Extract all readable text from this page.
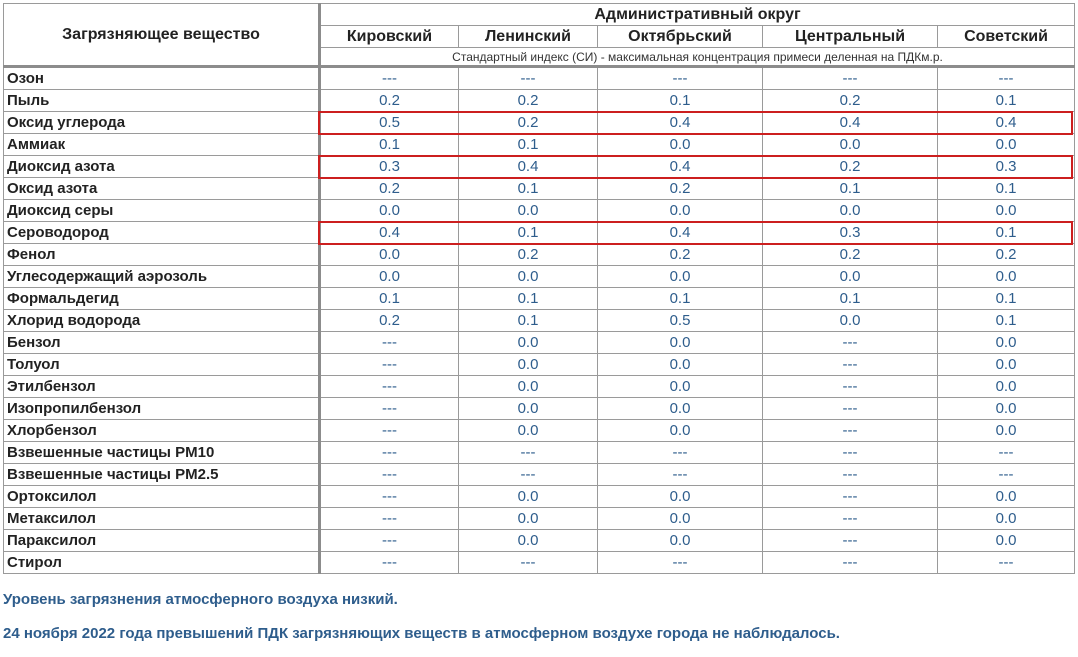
Загрязняющее вещество	Административный округ				
	Кировский	Ленинский	Октябрьский	Центральный	Советский
	Стандартный индекс (СИ) - максимальная концентрация примеси деленная на ПДКм.р.				
Озон	---	---	---	---	---
Пыль	0.2	0.2	0.1	0.2	0.1
Оксид углерода	0.5	0.2	0.4	0.4	0.4
Аммиак	0.1	0.1	0.0	0.0	0.0
Диоксид азота	0.3	0.4	0.4	0.2	0.3
Оксид азота	0.2	0.1	0.2	0.1	0.1
Диоксид серы	0.0	0.0	0.0	0.0	0.0
Сероводород	0.4	0.1	0.4	0.3	0.1
Фенол	0.0	0.2	0.2	0.2	0.2
Углесодержащий аэрозоль	0.0	0.0	0.0	0.0	0.0
Формальдегид	0.1	0.1	0.1	0.1	0.1
Хлорид водорода	0.2	0.1	0.5	0.0	0.1
Бензол	---	0.0	0.0	---	0.0
Толуол	---	0.0	0.0	---	0.0
Этилбензол	---	0.0	0.0	---	0.0
Изопропилбензол	---	0.0	0.0	---	0.0
Хлорбензол	---	0.0	0.0	---	0.0
Взвешенные частицы PM10	---	---	---	---	---
Взвешенные частицы PM2.5	---	---	---	---	---
Ортоксилол	---	0.0	0.0	---	0.0
Метаксилол	---	0.0	0.0	---	0.0
Параксилол	---	0.0	0.0	---	0.0
Стирол	---	---	---	---	---
Уровень загрязнения атмосферного воздуха низкий.
24 ноября 2022 года превышений ПДК загрязняющих веществ в атмосферном воздухе города не наблюдалось.
